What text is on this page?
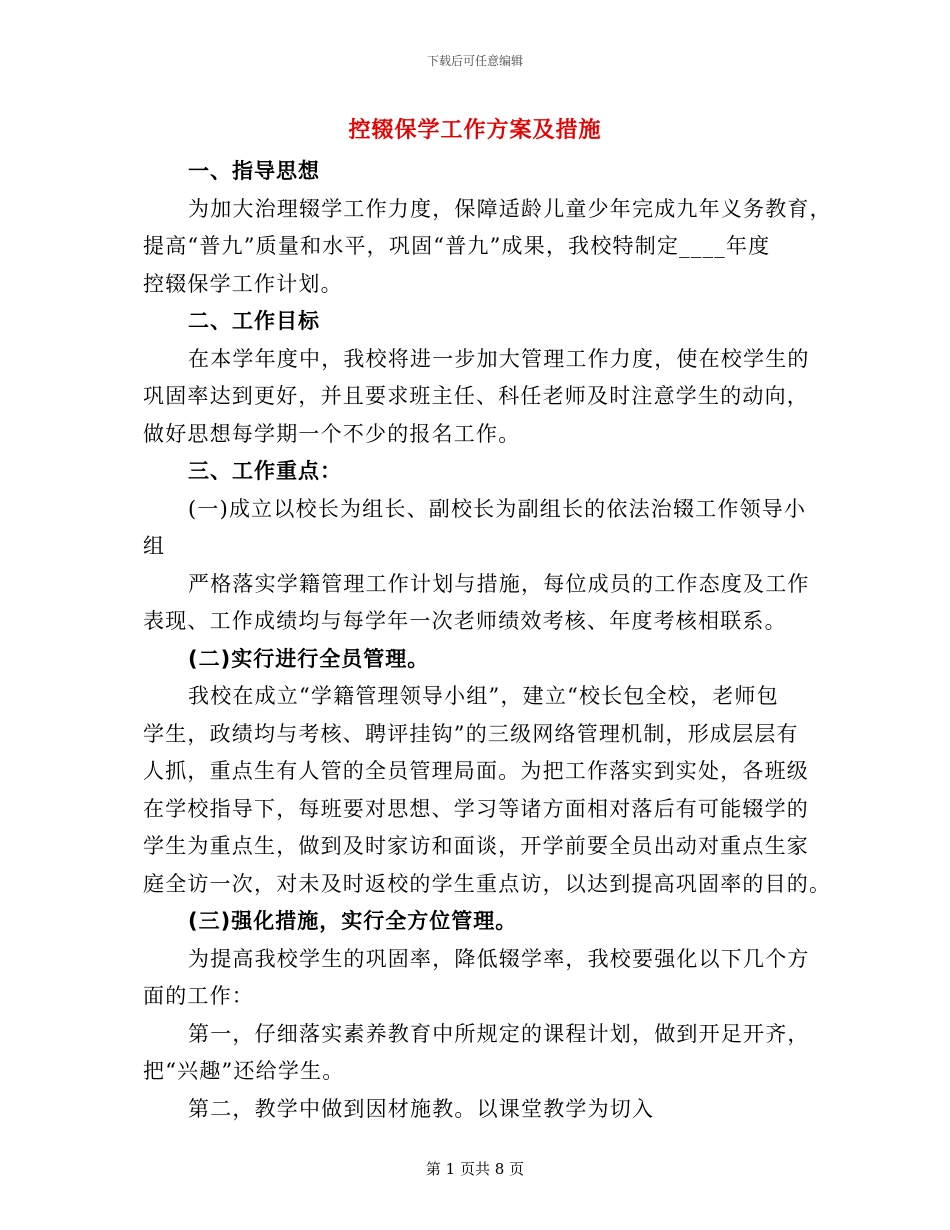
下载后可任意编辑
控辍保学工作方案及措施
一、指导思想
为加大治理辍学工作力度，保障适龄儿童少年完成九年义务教育，
提高“普九”质量和水平，巩固“普九”成果，我校特制定____年度
控辍保学工作计划。
二、工作目标
在本学年度中，我校将进一步加大管理工作力度，使在校学生的
巩固率达到更好，并且要求班主任、科任老师及时注意学生的动向，
做好思想每学期一个不少的报名工作。
三、工作重点：
(一)成立以校长为组长、副校长为副组长的依法治辍工作领导小
组
严格落实学籍管理工作计划与措施，每位成员的工作态度及工作
表现、工作成绩均与每学年一次老师绩效考核、年度考核相联系。
(二)实行进行全员管理。
我校在成立“学籍管理领导小组”，建立“校长包全校，老师包
学生，政绩均与考核、聘评挂钩”的三级网络管理机制，形成层层有
人抓，重点生有人管的全员管理局面。为把工作落实到实处，各班级
在学校指导下，每班要对思想、学习等诸方面相对落后有可能辍学的
学生为重点生，做到及时家访和面谈，开学前要全员出动对重点生家
庭全访一次，对未及时返校的学生重点访，以达到提高巩固率的目的。
(三)强化措施，实行全方位管理。
为提高我校学生的巩固率，降低辍学率，我校要强化以下几个方
面的工作：
第一，仔细落实素养教育中所规定的课程计划，做到开足开齐，
把“兴趣”还给学生。
第二，教学中做到因材施教。以课堂教学为切入
第 1 页共 8 页
